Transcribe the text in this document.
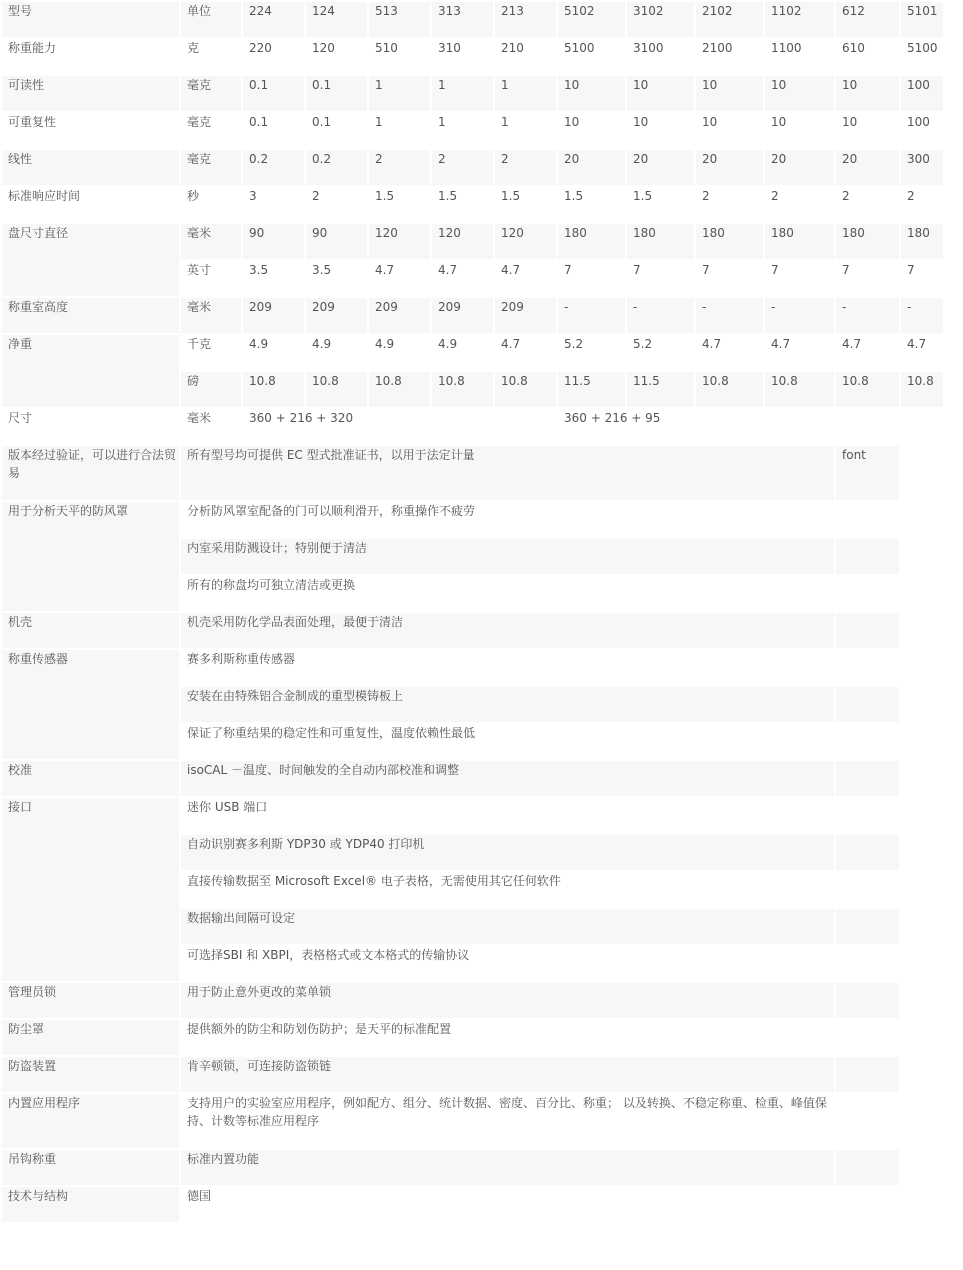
型号	单位	224	124	513	313	213	5102	3102	2102	1102	612	5101
称重能力	克	220	120	510	310	210	5100	3100	2100	1100	610	5100
可读性	毫克	0.1	0.1	1	1	1	10	10	10	10	10	100
可重复性	毫克	0.1	0.1	1	1	1	10	10	10	10	10	100
线性	毫克	0.2	0.2	2	2	2	20	20	20	20	20	300
标准响应时间	秒	3	2	1.5	1.5	1.5	1.5	1.5	2	2	2	2
盘尺寸直径	毫米	90	90	120	120	120	180	180	180	180	180	180
	英寸	3.5	3.5	4.7	4.7	4.7	7	7	7	7	7	7
称重室高度	毫米	209	209	209	209	209	-	-	-	-	-	-
净重	千克	4.9	4.9	4.9	4.9	4.7	5.2	5.2	4.7	4.7	4.7	4.7
	磅	10.8	10.8	10.8	10.8	10.8	11.5	11.5	10.8	10.8	10.8	10.8
尺寸	毫米	360 + 216 + 320					360 + 216 + 95					
版本经过验证，可以进行合法贸易	所有型号均可提供 EC 型式批准证书，以用于法定计量										font	
用于分析天平的防风罩	分析防风罩室配备的门可以顺利滑开，称重操作不疲劳											
	内室采用防溅设计；特别便于清洁											
	所有的称盘均可独立清洁或更换											
机壳	机壳采用防化学品表面处理，最便于清洁											
称重传感器	赛多利斯称重传感器											
	安装在由特殊铝合金制成的重型模铸板上											
	保证了称重结果的稳定性和可重复性，温度依赖性最低											
校准	isoCAL －温度、时间触发的全自动内部校准和调整											
接口	迷你 USB 端口											
	自动识别赛多利斯 YDP30 或 YDP40 打印机											
	直接传输数据至 Microsoft Excel® 电子表格，无需使用其它任何软件											
	数据输出间隔可设定											
	可选择SBI 和 XBPI，表格格式或文本格式的传输协议											
管理员锁	用于防止意外更改的菜单锁											
防尘罩	提供额外的防尘和防划伤防护；是天平的标准配置											
防盗装置	肯辛顿锁，可连接防盗锁链											
内置应用程序	支持用户的实验室应用程序，例如配方、组分、统计数据、密度、百分比、称重； 以及转换、不稳定称重、检重、峰值保持、计数等标准应用程序											
吊钩称重	标准内置功能											
技术与结构	德国											
